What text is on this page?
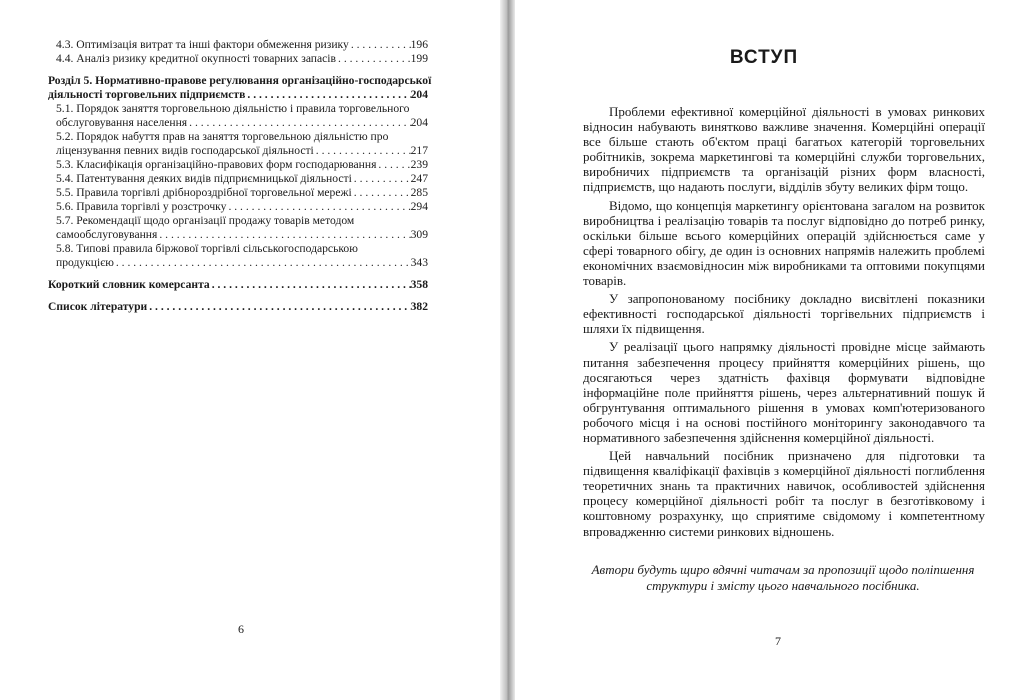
4.3. Оптимізація витрат та інші фактори обмеження ризику . . .	196
4.4. Аналіз ризику кредитної окупності товарних запасів . . .	199
Розділ 5. Нормативно-правове регулювання організаційно-господарської
діяльності торговельних підприємств . . .	204
5.1. Порядок заняття торговельною діяльністю і правила торговельного
обслуговування населення . . .	204
5.2. Порядок набуття прав на заняття торговельною діяльністю про
ліцензування певних видів господарської діяльності . . .	217
5.3. Класифікація організаційно-правових форм господарювання . . .	239
5.4. Патентування деяких видів підприємницької діяльності . . .	247
5.5. Правила торгівлі дрібнороздрібної торговельної мережі . . .	285
5.6. Правила торгівлі у розстрочку . . .	294
5.7. Рекомендації щодо організації продажу товарів методом
самообслуговування . . .	309
5.8. Типові правила біржової торгівлі сільськогосподарською
продукцією . . .	343
Короткий словник комерсанта . . .	358
Список літератури . . .	382
6
ВСТУП

Проблеми ефективної комерційної діяльності в умовах ринкових відносин набувають винятково важливе значення. Комерційні операції все більше стають об'єктом праці багатьох категорій торговельних робітників, зокрема маркетингові та комерційні служби торговельних, виробничих підприємств та організацій різних форм власності, підприємств, що надають послуги, відділів збуту великих фірм тощо.

Відомо, що концепція маркетингу орієнтована загалом на розвиток виробництва і реалізацію товарів та послуг відповідно до потреб ринку, оскільки більше всього комерційних операцій здійснюється саме у сфері товарного обігу, де один із основних напрямів належить проблемі економічних взаємовідносин між виробниками та оптовими покупцями товарів.

У запропонованому посібнику докладно висвітлені показники ефективності господарської діяльності торгівельних підприємств і шляхи їх підвищення.

У реалізації цього напрямку діяльності провідне місце займають питання забезпечення процесу прийняття комерційних рішень, що досягаються через здатність фахівця формувати відповідне інформаційне поле прийняття рішень, через альтернативний пошук й обгрунтування оптимального рішення в умовах комп'ютеризованого робочого місця і на основі постійного моніторингу законодавчого та нормативного забезпечення здійснення комерційної діяльності.

Цей навчальний посібник призначено для підготовки та підвищення кваліфікації фахівців з комерційної діяльності поглиблення теоретичних знань та практичних навичок, особливостей здійснення процесу комерційної діяльності робіт та послуг в безготівковому і коштовному розрахунку, що сприятиме свідомому і компетентному впровадженню системи ринкових відношень.

Автори будуть щиро вдячні читачам за пропозиції щодо поліпшення
структури і змісту цього навчального посібника.
7
